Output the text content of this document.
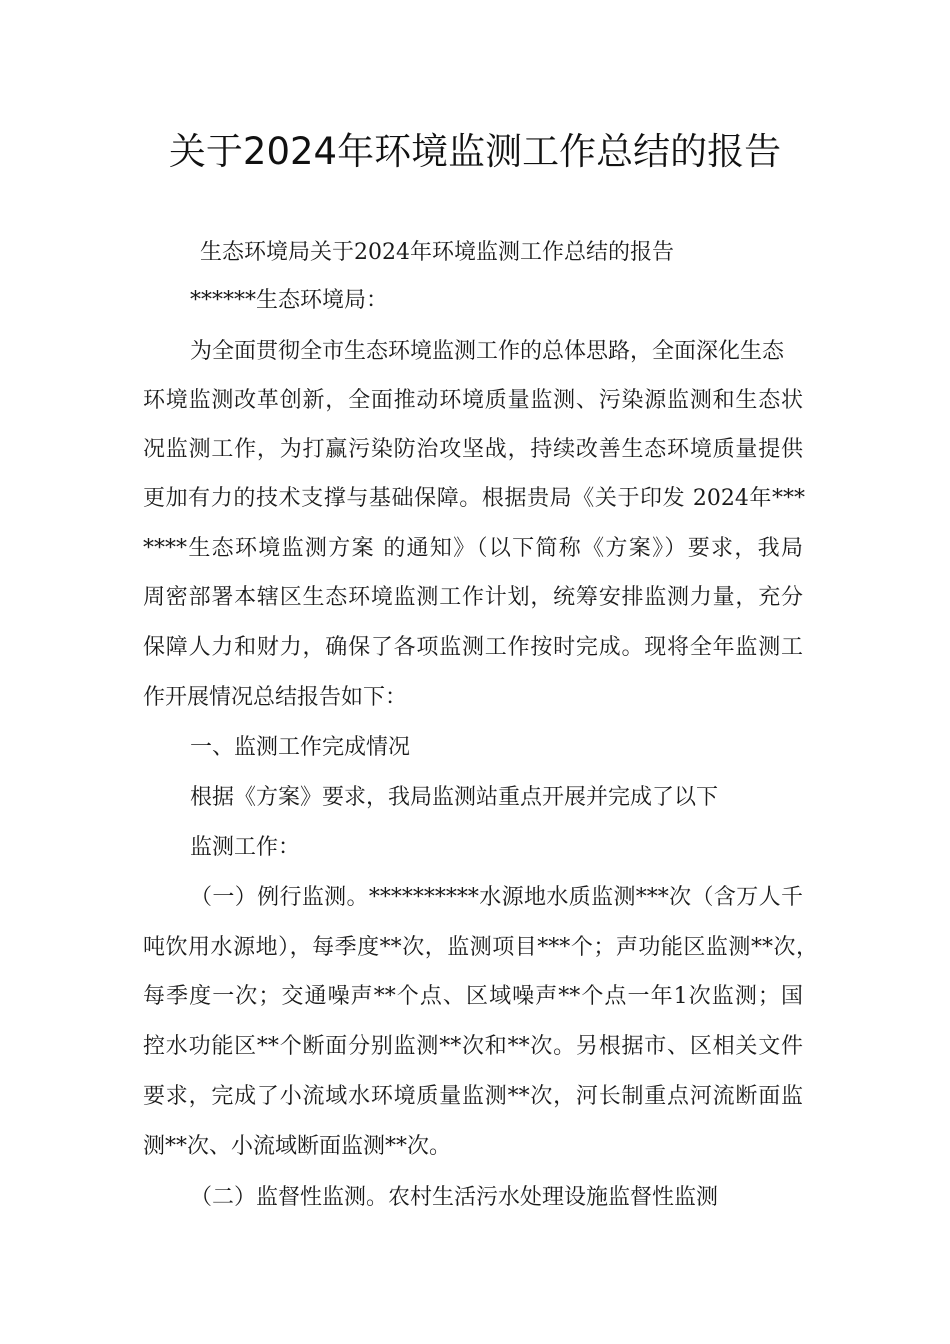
关于2024年环境监测工作总结的报告
生态环境局关于2024年环境监测工作总结的报告
******生态环境局：
为全面贯彻全市生态环境监测工作的总体思路，全面深化生态
环境监测改革创新，全面推动环境质量监测、污染源监测和生态状
况监测工作，为打赢污染防治攻坚战，持续改善生态环境质量提供
更加有力的技术支撑与基础保障。根据贵局《关于印发 2024年***
****生态环境监测方案 的通知》（以下简称《方案》）要求，我局
周密部署本辖区生态环境监测工作计划，统筹安排监测力量，充分
保障人力和财力，确保了各项监测工作按时完成。现将全年监测工
作开展情况总结报告如下：
一、监测工作完成情况
根据《方案》要求，我局监测站重点开展并完成了以下
监测工作：
（一）例行监测。**********水源地水质监测***次（含万人千
吨饮用水源地），每季度**次，监测项目***个；声功能区监测**次，
每季度一次；交通噪声**个点、区域噪声**个点一年1次监测；国
控水功能区**个断面分别监测**次和**次。另根据市、区相关文件
要求，完成了小流域水环境质量监测**次，河长制重点河流断面监
测**次、小流域断面监测**次。
（二）监督性监测。农村生活污水处理设施监督性监测
